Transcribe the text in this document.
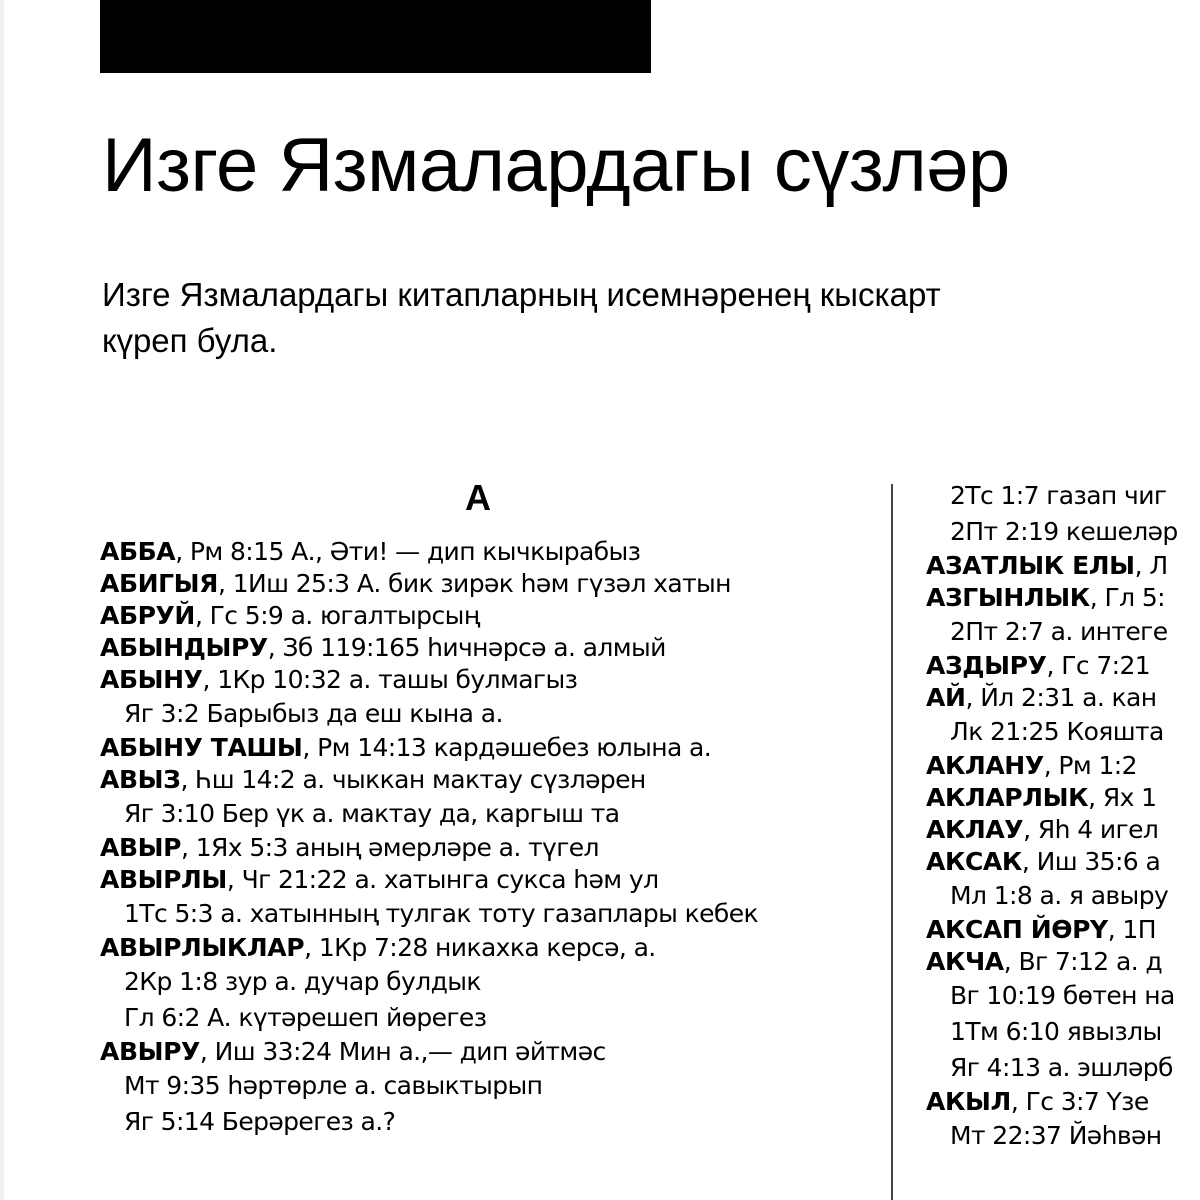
Изге Язмалардагы сүзләр
Изге Язмалардагы китапларның исемнәренең кыскарт
күреп була.
А
АББА, Рм 8:15 А., Әти! — дип кычкырабыз
АБИГЫЯ, 1Иш 25:3 А. бик зирәк һәм гүзәл хатын
АБРУЙ, Гс 5:9 а. югалтырсың
АБЫНДЫРУ, Зб 119:165 һичнәрсә а. алмый
АБЫНУ, 1Кр 10:32 а. ташы булмагыз
Яг 3:2 Барыбыз да еш кына а.
АБЫНУ ТАШЫ, Рм 14:13 кардәшебез юлына а.
АВЫЗ, Һш 14:2 а. чыккан мактау сүзләрен
Яг 3:10 Бер үк а. мактау да, каргыш та
АВЫР, 1Ях 5:3 аның әмерләре а. түгел
АВЫРЛЫ, Чг 21:22 а. хатынга сукса һәм ул
1Тс 5:3 а. хатынның тулгак тоту газаплары кебек
АВЫРЛЫКЛАР, 1Кр 7:28 никахка керсә, а.
2Кр 1:8 зур а. дучар булдык
Гл 6:2 А. күтәрешеп йөрегез
АВЫРУ, Иш 33:24 Мин а.,— дип әйтмәс
Мт 9:35 һәртөрле а. савыктырып
Яг 5:14 Берәрегез а.?
2Тс 1:7 газап чиг
2Пт 2:19 кешеләр
АЗАТЛЫК ЕЛЫ, Л
АЗГЫНЛЫК, Гл 5:
2Пт 2:7 а. интеге
АЗДЫРУ, Гс 7:21
АЙ, Йл 2:31 а. кан
Лк 21:25 Кояшта
АКЛАНУ, Рм 1:2
АКЛАРЛЫК, Ях 1
АКЛАУ, Яһ 4 игел
АКСАК, Иш 35:6 а
Мл 1:8 а. я авыру
АКСАП ЙӨРҮ, 1П
АКЧА, Вг 7:12 а. д
Вг 10:19 бөтен на
1Тм 6:10 явызлы
Яг 4:13 а. эшләрб
АКЫЛ, Гс 3:7 Үзе
Мт 22:37 Йәһвән
